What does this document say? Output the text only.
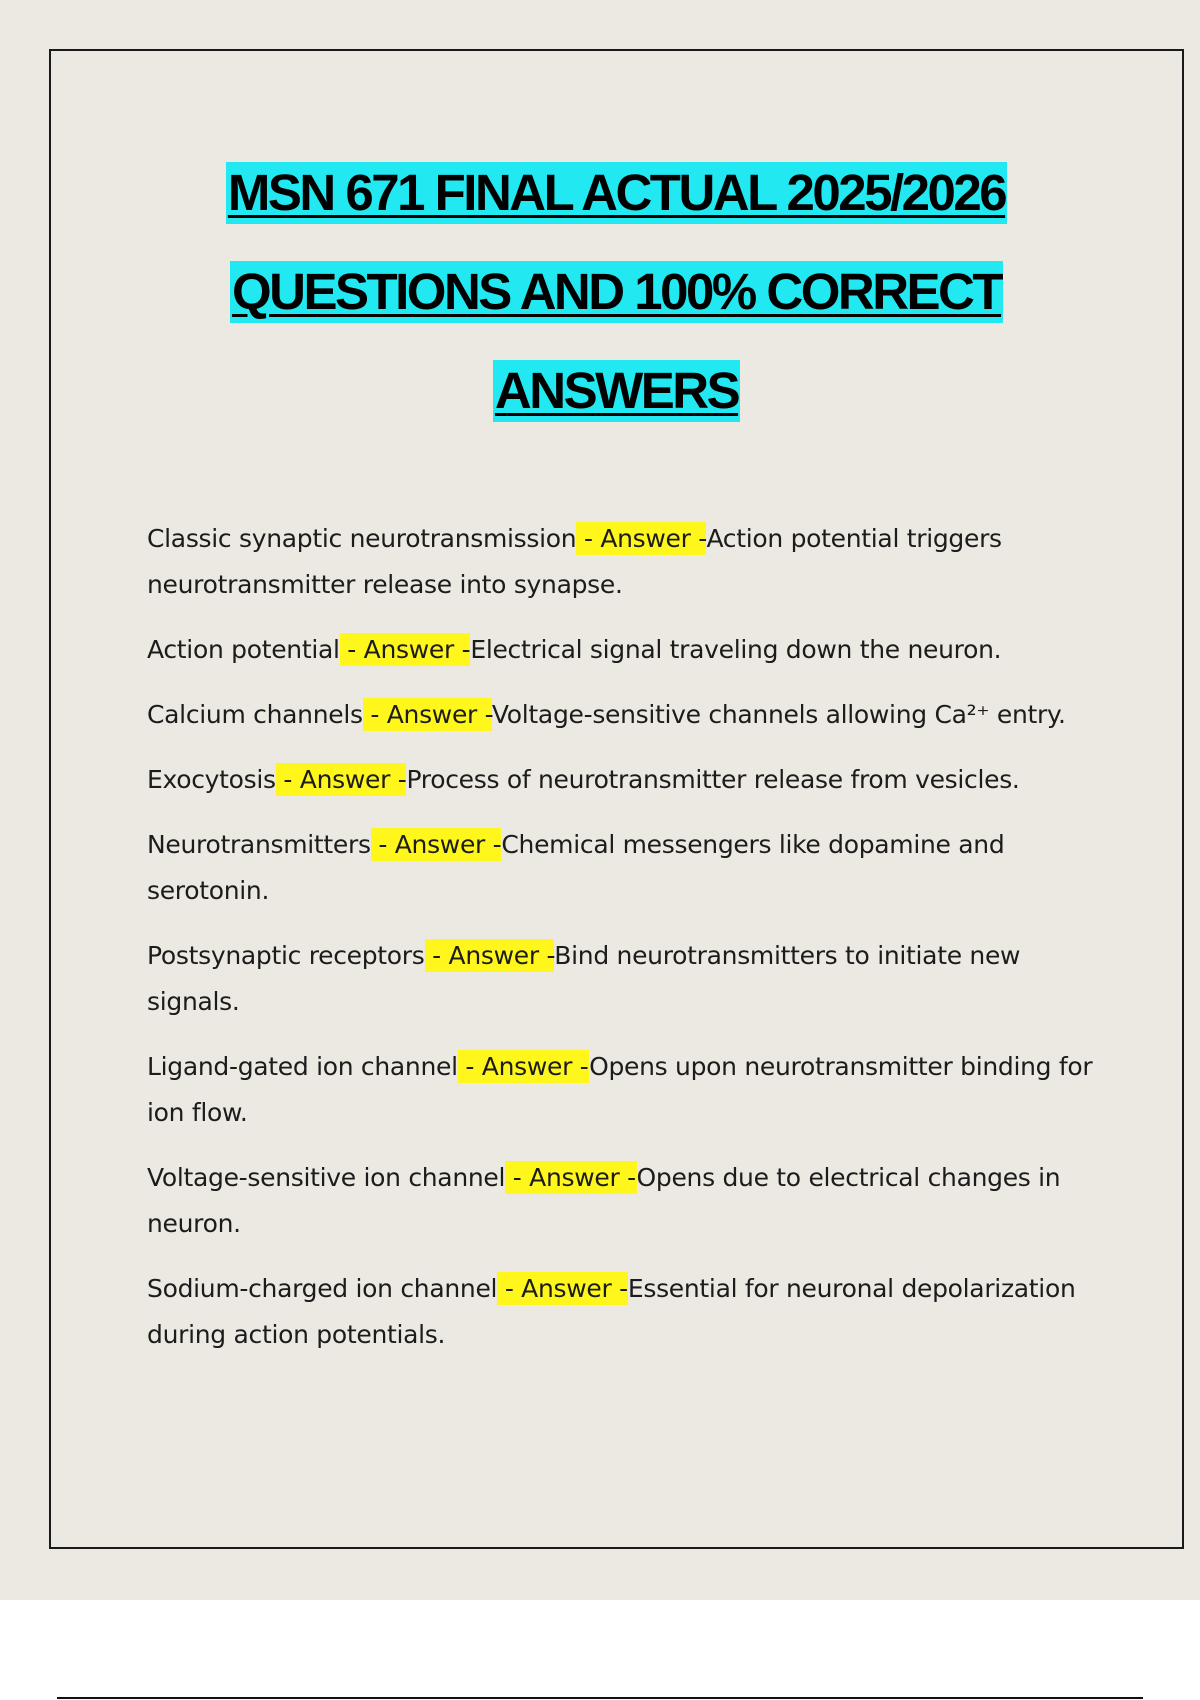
MSN 671 FINAL ACTUAL 2025/2026
QUESTIONS AND 100% CORRECT
ANSWERS

Classic synaptic neurotransmission - Answer -Action potential triggers neurotransmitter release into synapse.

Action potential - Answer -Electrical signal traveling down the neuron.

Calcium channels - Answer -Voltage-sensitive channels allowing Ca²⁺ entry.

Exocytosis - Answer -Process of neurotransmitter release from vesicles.

Neurotransmitters - Answer -Chemical messengers like dopamine and serotonin.

Postsynaptic receptors - Answer -Bind neurotransmitters to initiate new signals.

Ligand-gated ion channel - Answer -Opens upon neurotransmitter binding for ion flow.

Voltage-sensitive ion channel - Answer -Opens due to electrical changes in neuron.

Sodium-charged ion channel - Answer -Essential for neuronal depolarization during action potentials.
